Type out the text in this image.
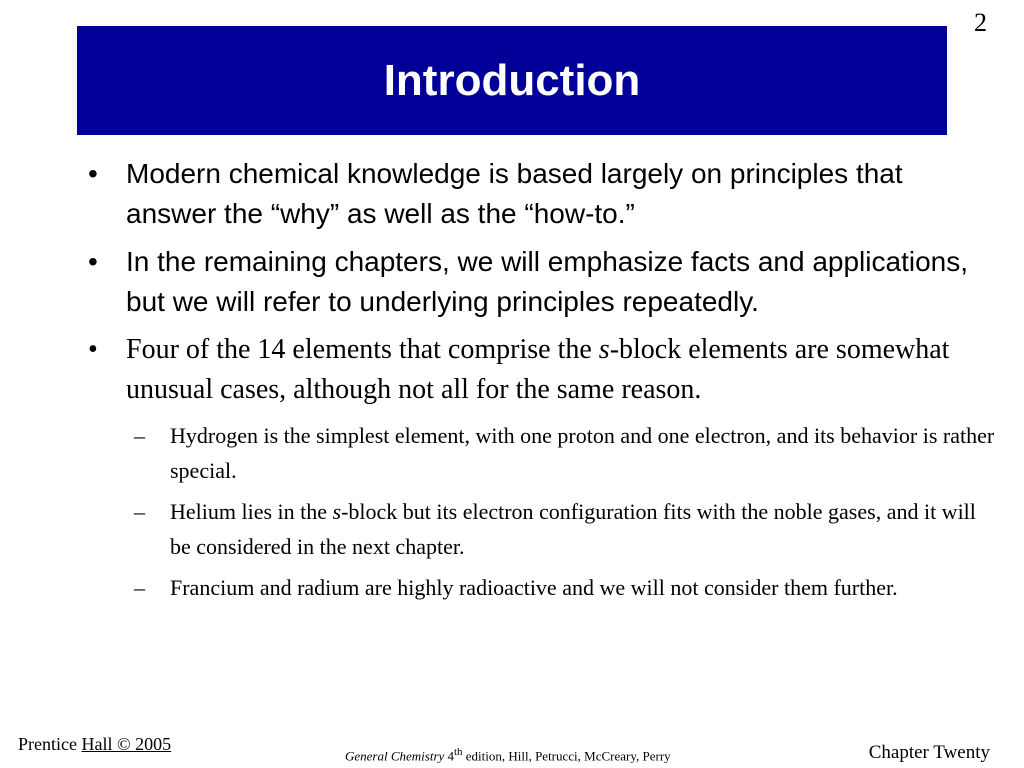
2
Introduction
•	Modern chemical knowledge is based largely on principles that answer the “why” as well as the “how-to.”
•	In the remaining chapters, we will emphasize facts and applications, but we will refer to underlying principles repeatedly.
•	Four of the 14 elements that comprise the s-block elements are somewhat unusual cases, although not all for the same reason.
–	Hydrogen is the simplest element, with one proton and one electron, and its behavior is rather special.
–	Helium lies in the s-block but its electron configuration fits with the noble gases, and it will be considered in the next chapter.
–	Francium and radium are highly radioactive and we will not consider them further.
Prentice Hall © 2005
General Chemistry 4th edition, Hill, Petrucci, McCreary, Perry	Chapter Twenty
